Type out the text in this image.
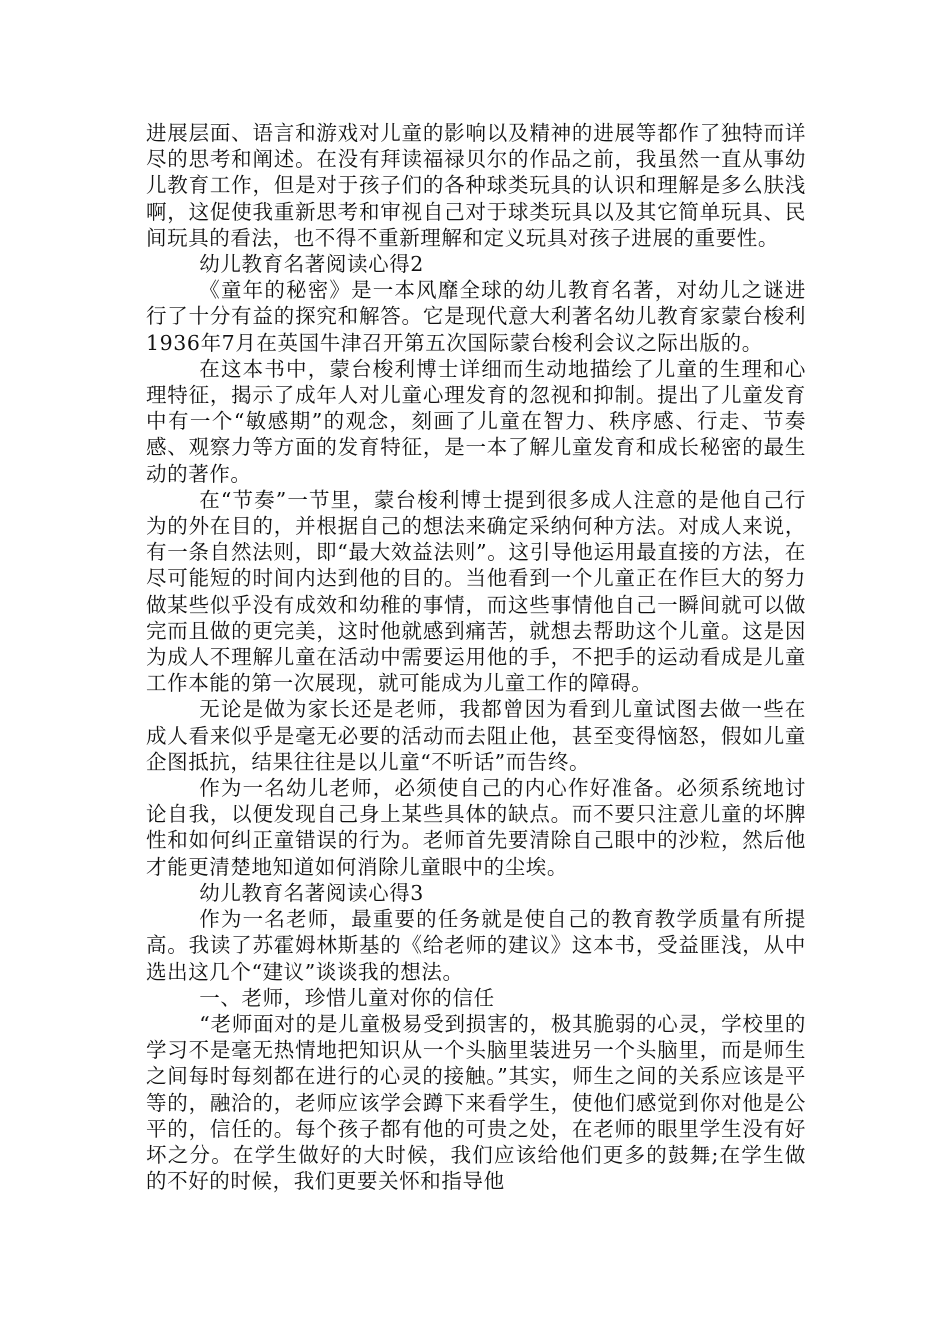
进展层面、语言和游戏对儿童的影响以及精神的进展等都作了独特而详尽的思考和阐述。在没有拜读福禄贝尔的作品之前，我虽然一直从事幼儿教育工作，但是对于孩子们的各种球类玩具的认识和理解是多么肤浅啊，这促使我重新思考和审视自己对于球类玩具以及其它简单玩具、民间玩具的看法，也不得不重新理解和定义玩具对孩子进展的重要性。

幼儿教育名著阅读心得2

《童年的秘密》是一本风靡全球的幼儿教育名著，对幼儿之谜进行了十分有益的探究和解答。它是现代意大利著名幼儿教育家蒙台梭利1936年7月在英国牛津召开第五次国际蒙台梭利会议之际出版的。

在这本书中，蒙台梭利博士详细而生动地描绘了儿童的生理和心理特征，揭示了成年人对儿童心理发育的忽视和抑制。提出了儿童发育中有一个“敏感期”的观念，刻画了儿童在智力、秩序感、行走、节奏感、观察力等方面的发育特征，是一本了解儿童发育和成长秘密的最生动的著作。

在“节奏”一节里，蒙台梭利博士提到很多成人注意的是他自己行为的外在目的，并根据自己的想法来确定采纳何种方法。对成人来说，有一条自然法则，即“最大效益法则”。这引导他运用最直接的方法，在尽可能短的时间内达到他的目的。当他看到一个儿童正在作巨大的努力做某些似乎没有成效和幼稚的事情，而这些事情他自己一瞬间就可以做完而且做的更完美，这时他就感到痛苦，就想去帮助这个儿童。这是因为成人不理解儿童在活动中需要运用他的手，不把手的运动看成是儿童工作本能的第一次展现，就可能成为儿童工作的障碍。

无论是做为家长还是老师，我都曾因为看到儿童试图去做一些在成人看来似乎是毫无必要的活动而去阻止他，甚至变得恼怒，假如儿童企图抵抗，结果往往是以儿童“不听话”而告终。

作为一名幼儿老师，必须使自己的内心作好准备。必须系统地讨论自我，以便发现自己身上某些具体的缺点。而不要只注意儿童的坏脾性和如何纠正童错误的行为。老师首先要清除自己眼中的沙粒，然后他才能更清楚地知道如何消除儿童眼中的尘埃。

幼儿教育名著阅读心得3

作为一名老师，最重要的任务就是使自己的教育教学质量有所提高。我读了苏霍姆林斯基的《给老师的建议》这本书，受益匪浅，从中选出这几个“建议”谈谈我的想法。

一、老师，珍惜儿童对你的信任

“老师面对的是儿童极易受到损害的，极其脆弱的心灵，学校里的学习不是毫无热情地把知识从一个头脑里装进另一个头脑里，而是师生之间每时每刻都在进行的心灵的接触。”其实，师生之间的关系应该是平等的，融洽的，老师应该学会蹲下来看学生，使他们感觉到你对他是公平的，信任的。每个孩子都有他的可贵之处，在老师的眼里学生没有好坏之分。在学生做好的大时候，我们应该给他们更多的鼓舞;在学生做的不好的时候，我们更要关怀和指导他
